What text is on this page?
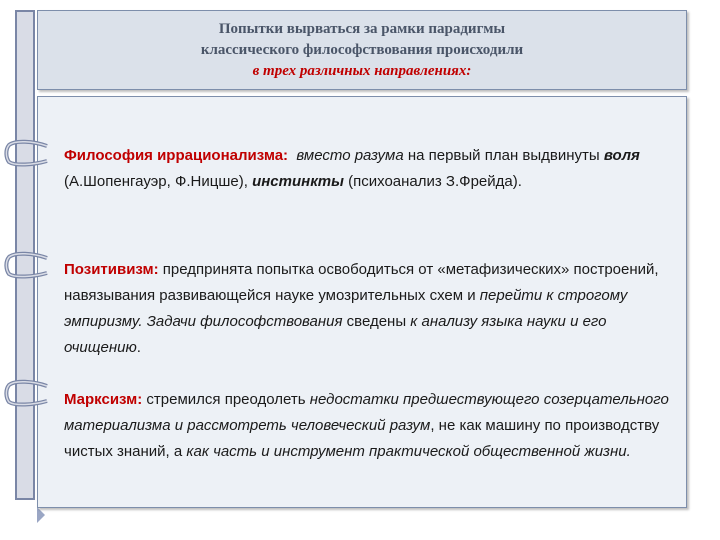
Попытки вырваться за рамки парадигмы
классического философствования происходили
в трех различных направлениях:
Философия иррационализма: вместо разума на первый план выдвинуты воля (А.Шопенгауэр, Ф.Ницше), инстинкты (психоанализ З.Фрейда).
Позитивизм: предпринята попытка освободиться от «метафизических» построений, навязывания развивающейся науке умозрительных схем и перейти к строгому эмпиризму. Задачи философствования сведены к анализу языка науки и его очищению.
Марксизм: стремился преодолеть недостатки предшествующего созерцательного материализма и рассмотреть человеческий разум, не как машину по производству чистых знаний, а как часть и инструмент практической общественной жизни.
